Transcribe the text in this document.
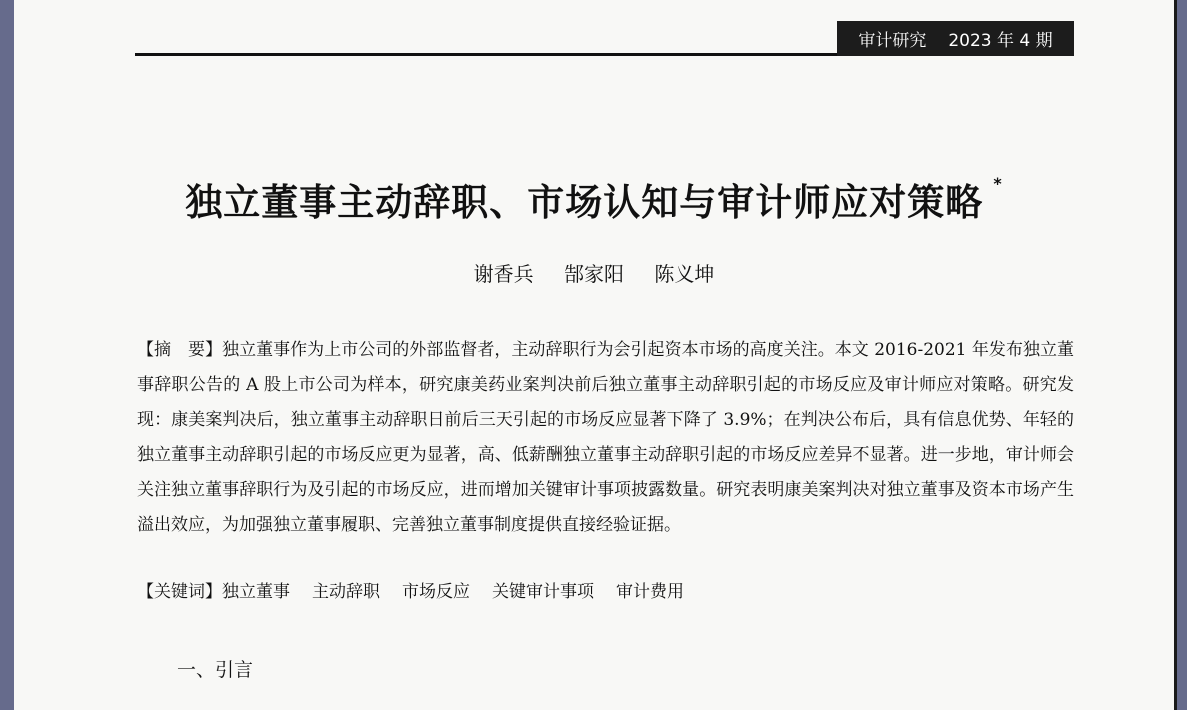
审计研究 2023 年 4 期
独立董事主动辞职、市场认知与审计师应对策略 *
谢香兵 郜家阳 陈义坤
【摘　要】独立董事作为上市公司的外部监督者，主动辞职行为会引起资本市场的高度关注。本文 2016-2021 年发布独立董事辞职公告的 A 股上市公司为样本，研究康美药业案判决前后独立董事主动辞职引起的市场反应及审计师应对策略。研究发现：康美案判决后，独立董事主动辞职日前后三天引起的市场反应显著下降了 3.9%；在判决公布后，具有信息优势、年轻的独立董事主动辞职引起的市场反应更为显著，高、低薪酬独立董事主动辞职引起的市场反应差异不显著。进一步地，审计师会关注独立董事辞职行为及引起的市场反应，进而增加关键审计事项披露数量。研究表明康美案判决对独立董事及资本市场产生溢出效应，为加强独立董事履职、完善独立董事制度提供直接经验证据。
【关键词】独立董事 主动辞职 市场反应 关键审计事项 审计费用
一、引言
